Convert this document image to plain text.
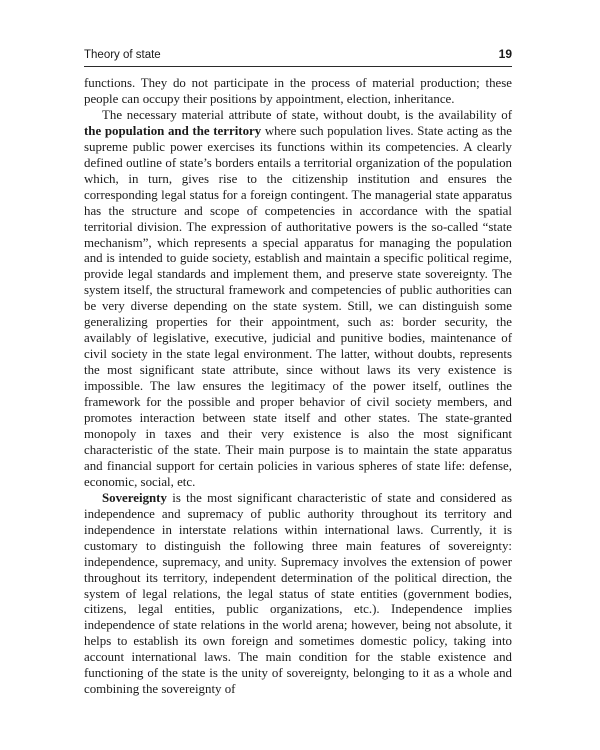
Theory of state	19

functions. They do not participate in the process of material production; these people can occupy their positions by appointment, election, inheritance.

The necessary material attribute of state, without doubt, is the availability of the population and the territory where such population lives. State acting as the supreme public power exercises its functions within its competencies. A clearly defined outline of state’s borders entails a territorial organization of the population which, in turn, gives rise to the citizenship institution and ensures the corresponding legal status for a foreign contingent. The managerial state apparatus has the structure and scope of competencies in accordance with the spatial territorial division. The expression of authoritative powers is the so-called “state mechanism”, which represents a special apparatus for managing the population and is intended to guide society, establish and maintain a specific political regime, provide legal standards and implement them, and preserve state sovereignty. The system itself, the structural framework and competencies of public authorities can be very diverse depending on the state system. Still, we can distinguish some generalizing properties for their appointment, such as: border security, the availably of legislative, executive, judicial and punitive bodies, maintenance of civil society in the state legal environment. The latter, without doubts, represents the most significant state attribute, since without laws its very existence is impossible. The law ensures the legitimacy of the power itself, outlines the framework for the possible and proper behavior of civil society members, and promotes interaction between state itself and other states. The state-granted monopoly in taxes and their very existence is also the most significant characteristic of the state. Their main purpose is to maintain the state apparatus and financial support for certain policies in various spheres of state life: defense, economic, social, etc.

Sovereignty is the most significant characteristic of state and considered as independence and supremacy of public authority throughout its territory and independence in interstate relations within international laws. Currently, it is customary to distinguish the following three main features of sovereignty: independence, supremacy, and unity. Supremacy involves the extension of power throughout its territory, independent determination of the political direction, the system of legal relations, the legal status of state entities (government bodies, citizens, legal entities, public organizations, etc.). Independence implies independence of state relations in the world arena; however, being not absolute, it helps to establish its own foreign and sometimes domestic policy, taking into account international laws. The main condition for the stable existence and functioning of the state is the unity of sovereignty, belonging to it as a whole and combining the sovereignty of
